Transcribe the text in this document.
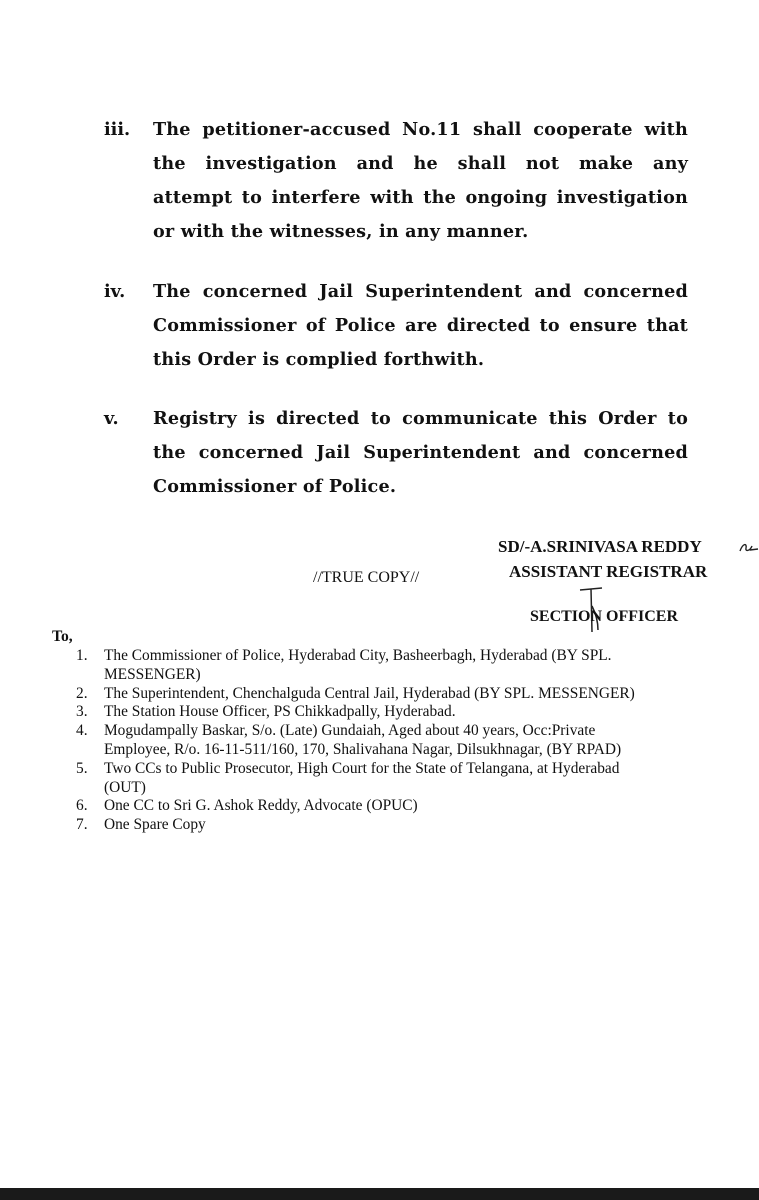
iii. The petitioner-accused No.11 shall cooperate with
the investigation and he shall not make any
attempt to interfere with the ongoing investigation
or with the witnesses, in any manner.
iv. The concerned Jail Superintendent and concerned
Commissioner of Police are directed to ensure that
this Order is complied forthwith.
v. Registry is directed to communicate this Order to
the concerned Jail Superintendent and concerned
Commissioner of Police.
SD/-A.SRINIVASA REDDY
ASSISTANT REGISTRAR
//TRUE COPY//
SECTION OFFICER
To,
1. The Commissioner of Police, Hyderabad City, Basheerbagh, Hyderabad (BY SPL.
MESSENGER)
2. The Superintendent, Chenchalguda Central Jail, Hyderabad (BY SPL. MESSENGER)
3. The Station House Officer, PS Chikkadpally, Hyderabad.
4. Mogudampally Baskar, S/o. (Late) Gundaiah, Aged about 40 years, Occ:Private
Employee, R/o. 16-11-511/160, 170, Shalivahana Nagar, Dilsukhnagar, (BY RPAD)
5. Two CCs to Public Prosecutor, High Court for the State of Telangana, at Hyderabad
(OUT)
6. One CC to Sri G. Ashok Reddy, Advocate (OPUC)
7. One Spare Copy
